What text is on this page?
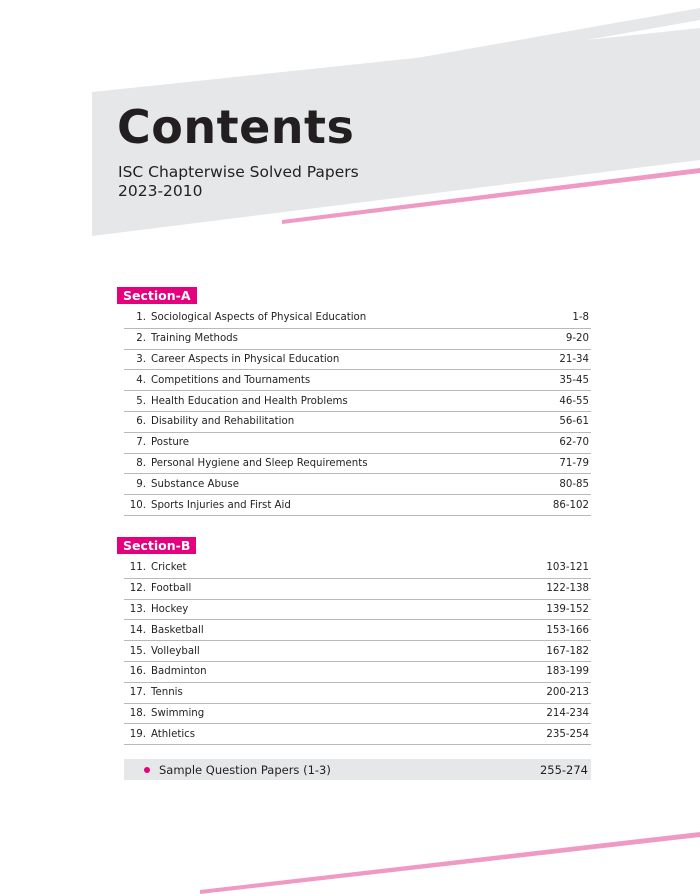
Contents
ISC Chapterwise Solved Papers
2023-2010
Section-A
1. Sociological Aspects of Physical Education	1-8
2. Training Methods	9-20
3. Career Aspects in Physical Education	21-34
4. Competitions and Tournaments	35-45
5. Health Education and Health Problems	46-55
6. Disability and Rehabilitation	56-61
7. Posture	62-70
8. Personal Hygiene and Sleep Requirements	71-79
9. Substance Abuse	80-85
10. Sports Injuries and First Aid	86-102
Section-B
11. Cricket	103-121
12. Football	122-138
13. Hockey	139-152
14. Basketball	153-166
15. Volleyball	167-182
16. Badminton	183-199
17. Tennis	200-213
18. Swimming	214-234
19. Athletics	235-254
Sample Question Papers (1-3)	255-274
